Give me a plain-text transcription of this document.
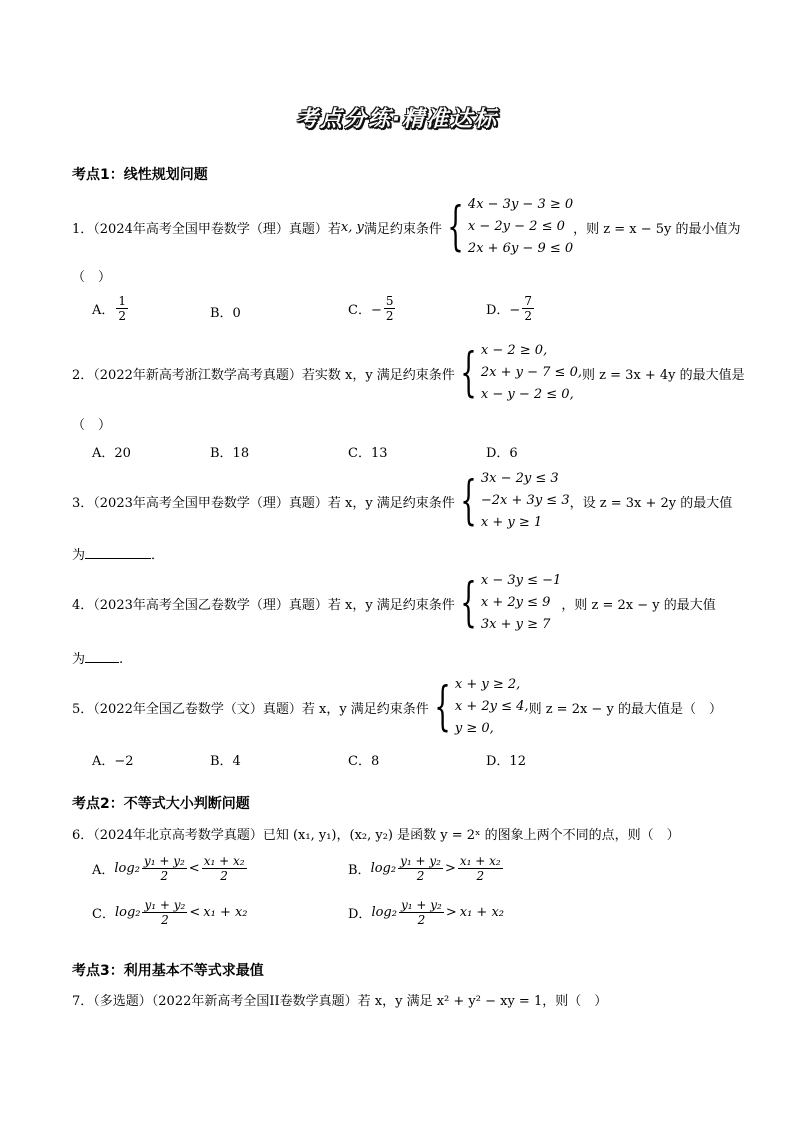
考点分练·精准达标
考点1：线性规划问题
1．（2024年高考全国甲卷数学（理）真题）若 x, y 满足约束条件 { 4x − 3y − 3 ≥ 0
x − 2y − 2 ≤ 0
2x + 6y − 9 ≤ 0
，则 z = x − 5y 的最小值为
（　）
A． $\frac{1}{2}$	B．0	C．− $\frac{5}{2}$	D．− $\frac{7}{2}$
2．（2022年新高考浙江数学高考真题）若实数 x，y 满足约束条件 { x − 2 ≥ 0,
2x + y − 7 ≤ 0,
x − y − 2 ≤ 0,
则 z = 3x + 4y 的最大值是
（　）
A．20	B．18	C．13	D．6
3．（2023年高考全国甲卷数学（理）真题）若 x，y 满足约束条件 { 3x − 2y ≤ 3
−2x + 3y ≤ 3
x + y ≥ 1
，设 z = 3x + 2y 的最大值
为	．
4．（2023年高考全国乙卷数学（理）真题）若 x，y 满足约束条件 { x − 3y ≤ −1
x + 2y ≤ 9
3x + y ≥ 7
，则 z = 2x − y 的最大值
为	.
5．（2022年全国乙卷数学（文）真题）若 x，y 满足约束条件 { x + y ≥ 2,
x + 2y ≤ 4,
y ≥ 0,
则 z = 2x − y 的最大值是（　）
A．−2	B．4	C．8	D．12
考点2：不等式大小判断问题
6．（2024年北京高考数学真题）已知 (x₁, y₁)，(x₂, y₂) 是函数 y = 2ˣ 的图象上两个不同的点，则（　）
A． $\log_2 \frac{\text{y₁ + y₂}}{2} < \frac{\text{x₁ + x₂}}{2}$	B． $\log_2 \frac{\text{y₁ + y₂}}{2} > \frac{\text{x₁ + x₂}}{2}$
C． $\log_2 \frac{\text{y₁ + y₂}}{2} < x_1 + x_2$	D． $\log_2 \frac{\text{y₁ + y₂}}{2} > x_1 + x_2$
考点3：利用基本不等式求最值
7．（多选题）（2022年新高考全国II卷数学真题）若 x，y 满足 x² + y² − xy = 1，则（　）
